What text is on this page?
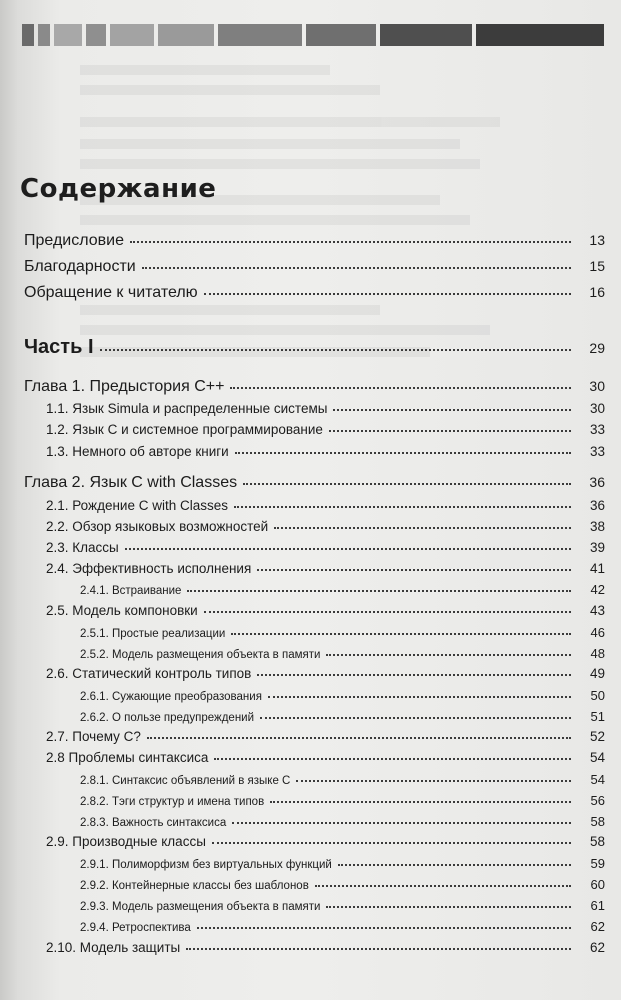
Содержание
Предисловие	13
Благодарности	15
Обращение к читателю	16
Часть I	29
Глава 1. Предыстория С++	30
1.1. Язык Simula и распределенные системы	30
1.2. Язык С и системное программирование	33
1.3. Немного об авторе книги	33
Глава 2. Язык С with Classes	36
2.1. Рождение С with Classes	36
2.2. Обзор языковых возможностей	38
2.3. Классы	39
2.4. Эффективность исполнения	41
2.4.1. Встраивание	42
2.5. Модель компоновки	43
2.5.1. Простые реализации	46
2.5.2. Модель размещения объекта в памяти	48
2.6. Статический контроль типов	49
2.6.1. Сужающие преобразования	50
2.6.2. О пользе предупреждений	51
2.7. Почему С?	52
2.8 Проблемы синтаксиса	54
2.8.1. Синтаксис объявлений в языке С	54
2.8.2. Тэги структур и имена типов	56
2.8.3. Важность синтаксиса	58
2.9. Производные классы	58
2.9.1. Полиморфизм без виртуальных функций	59
2.9.2. Контейнерные классы без шаблонов	60
2.9.3. Модель размещения объекта в памяти	61
2.9.4. Ретроспектива	62
2.10. Модель защиты	62
